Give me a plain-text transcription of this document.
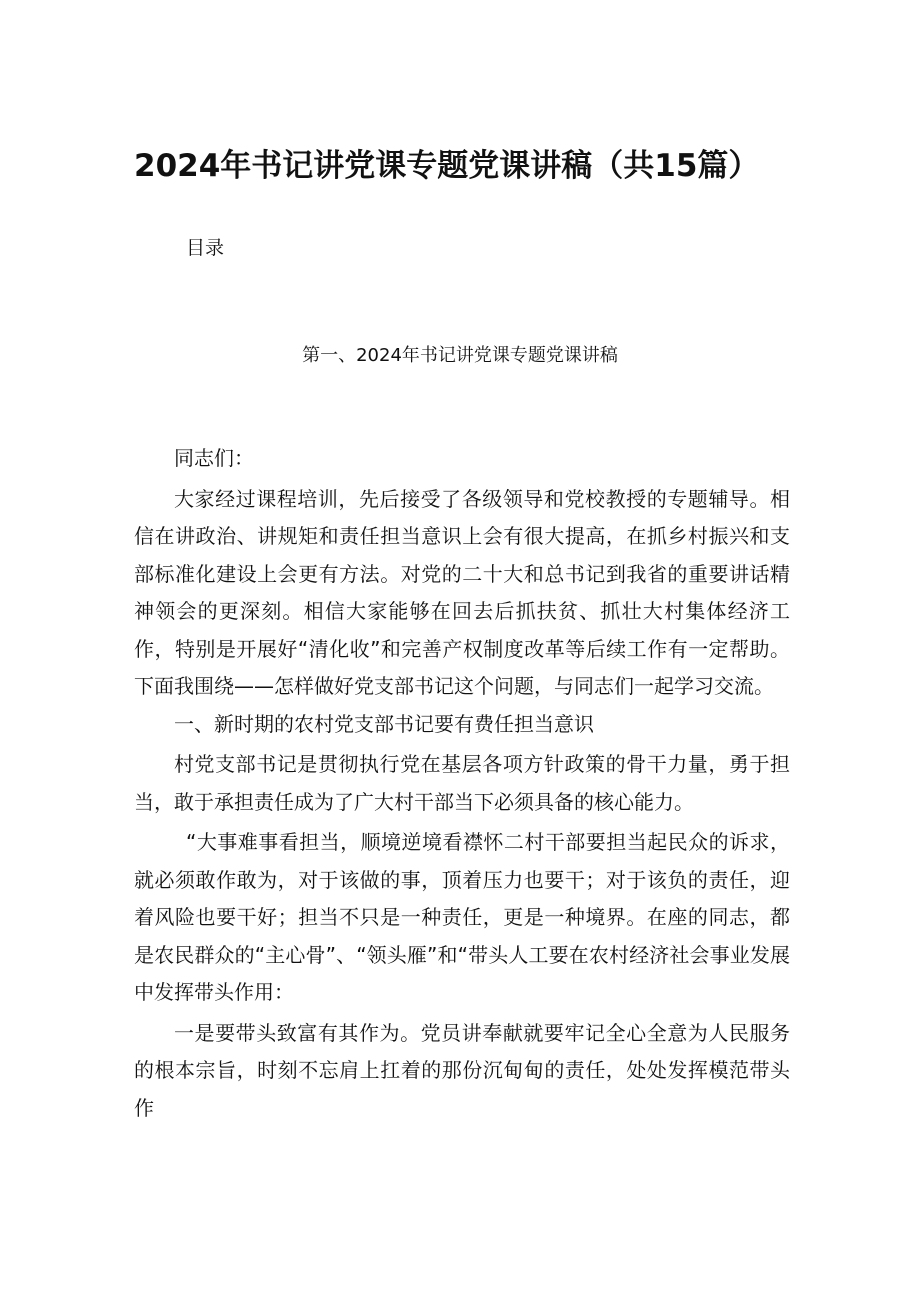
2024年书记讲党课专题党课讲稿（共15篇）
目录
第一、2024年书记讲党课专题党课讲稿

同志们：

大家经过课程培训，先后接受了各级领导和党校教授的专题辅导。相信在讲政治、讲规矩和责任担当意识上会有很大提高，在抓乡村振兴和支部标准化建设上会更有方法。对党的二十大和总书记到我省的重要讲话精神领会的更深刻。相信大家能够在回去后抓扶贫、抓壮大村集体经济工作，特别是开展好“清化收”和完善产权制度改革等后续工作有一定帮助。下面我围绕——怎样做好党支部书记这个问题，与同志们一起学习交流。

一、新时期的农村党支部书记要有费任担当意识

村党支部书记是贯彻执行党在基层各项方针政策的骨干力量，勇于担当，敢于承担责任成为了广大村干部当下必须具备的核心能力。

“大事难事看担当，顺境逆境看襟怀二村干部要担当起民众的诉求，就必须敢作敢为，对于该做的事，顶着压力也要干；对于该负的责任，迎着风险也要干好；担当不只是一种责任，更是一种境界。在座的同志，都是农民群众的“主心骨”、“领头雁”和“带头人工要在农村经济社会事业发展中发挥带头作用：

一是要带头致富有其作为。党员讲奉献就要牢记全心全意为人民服务的根本宗旨，时刻不忘肩上扛着的那份沉甸甸的责任，处处发挥模范带头作
